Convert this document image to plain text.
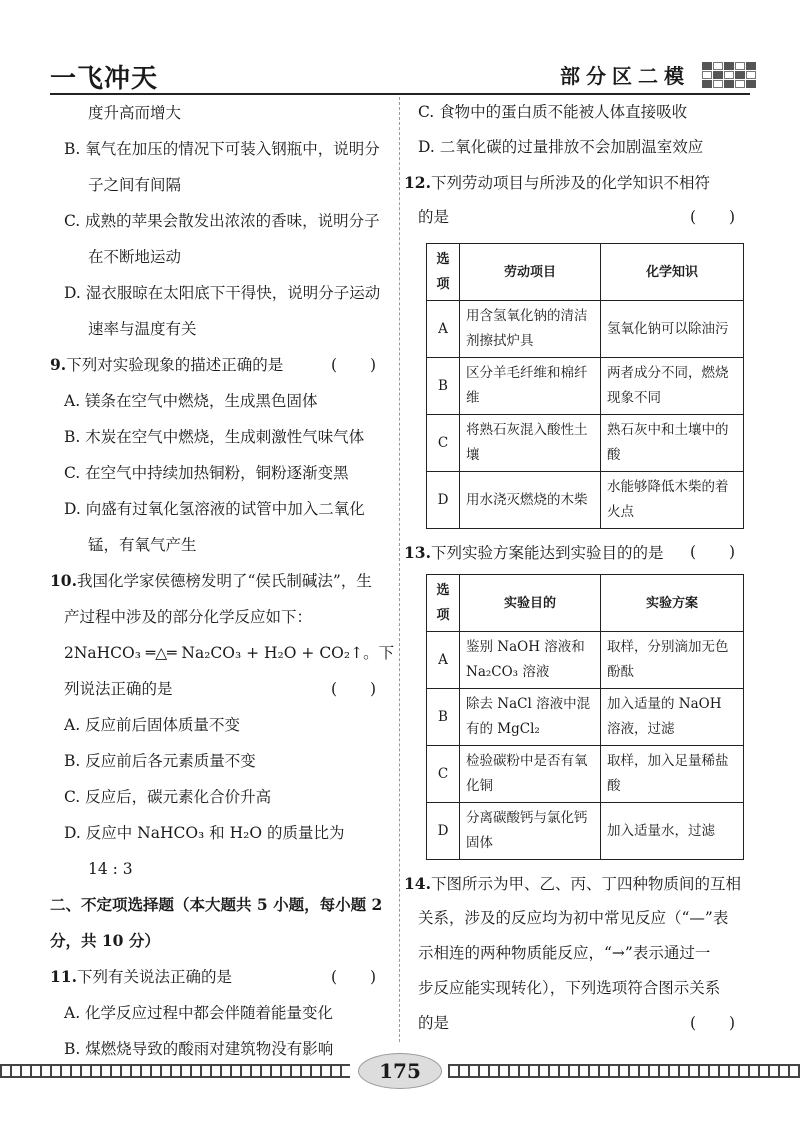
一飞冲天	部分区二模
度升高而增大
B. 氧气在加压的情况下可装入钢瓶中，说明分
子之间有间隔
C. 成熟的苹果会散发出浓浓的香味，说明分子
在不断地运动
D. 湿衣服晾在太阳底下干得快，说明分子运动
速率与温度有关
9.下列对实验现象的描述正确的是	( )
A. 镁条在空气中燃烧，生成黑色固体
B. 木炭在空气中燃烧，生成刺激性气味气体
C. 在空气中持续加热铜粉，铜粉逐渐变黑
D. 向盛有过氧化氢溶液的试管中加入二氧化
锰，有氧气产生
10.我国化学家侯德榜发明了“侯氏制碱法”，生
产过程中涉及的部分化学反应如下：
2NaHCO₃ ═△═ Na₂CO₃ + H₂O + CO₂↑。下
列说法正确的是	( )
A. 反应前后固体质量不变
B. 反应前后各元素质量不变
C. 反应后，碳元素化合价升高
D. 反应中 NaHCO₃ 和 H₂O 的质量比为
14 : 3
二、不定项选择题（本大题共 5 小题，每小题 2
分，共 10 分）
11.下列有关说法正确的是	( )
A. 化学反应过程中都会伴随着能量变化
B. 煤燃烧导致的酸雨对建筑物没有影响
C. 食物中的蛋白质不能被人体直接吸收
D. 二氧化碳的过量排放不会加剧温室效应
12.下列劳动项目与所涉及的化学知识不相符
的是	( )
选项	劳动项目	化学知识
A	用含氢氧化钠的清洁剂擦拭炉具	氢氧化钠可以除油污
B	区分羊毛纤维和棉纤维	两者成分不同，燃烧现象不同
C	将熟石灰混入酸性土壤	熟石灰中和土壤中的酸
D	用水浇灭燃烧的木柴	水能够降低木柴的着火点
13.下列实验方案能达到实验目的的是 ( )
选项	实验目的	实验方案
A	鉴别 NaOH 溶液和 Na₂CO₃ 溶液	取样，分别滴加无色酚酞
B	除去 NaCl 溶液中混有的 MgCl₂	加入适量的 NaOH 溶液，过滤
C	检验碳粉中是否有氧化铜	取样，加入足量稀盐酸
D	分离碳酸钙与氯化钙固体	加入适量水，过滤
14.下图所示为甲、乙、丙、丁四种物质间的互相
关系，涉及的反应均为初中常见反应（“—”表
示相连的两种物质能反应，“→”表示通过一
步反应能实现转化），下列选项符合图示关系
的是	( )
175
